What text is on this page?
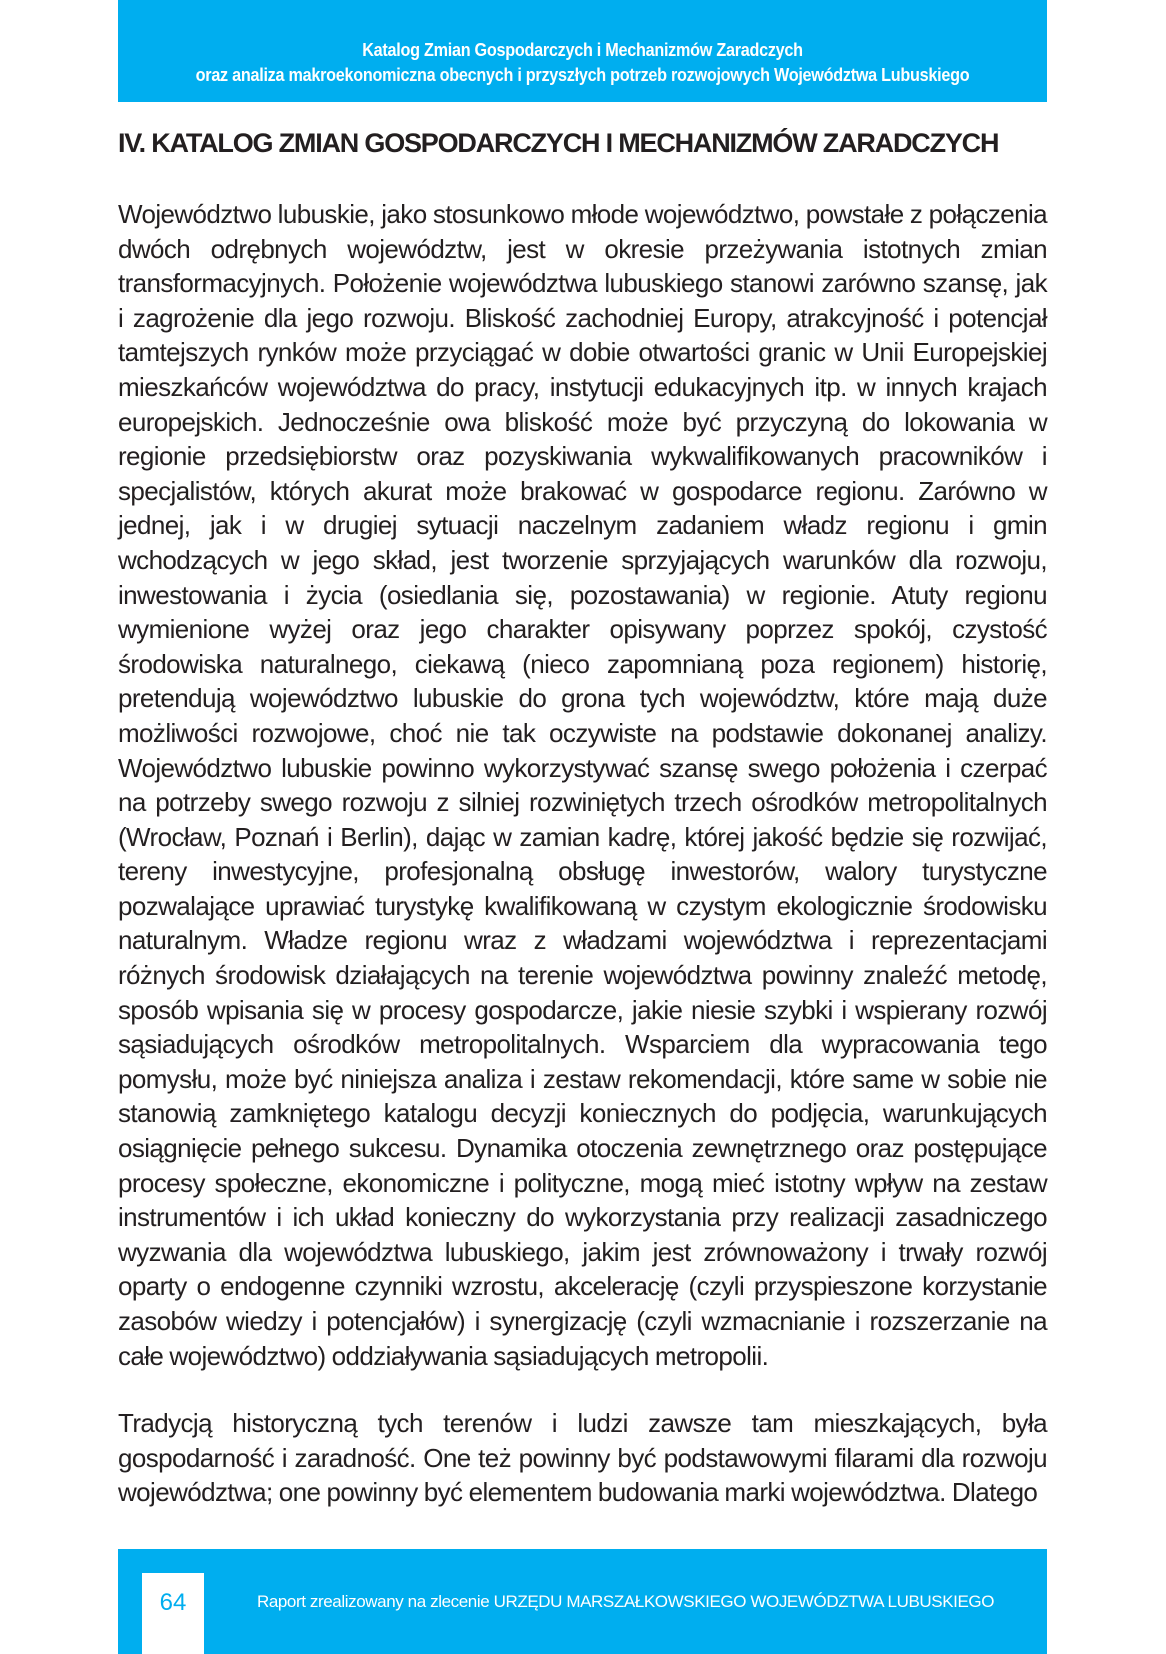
Katalog Zmian Gospodarczych i Mechanizmów Zaradczych
oraz analiza makroekonomiczna obecnych i przyszłych potrzeb rozwojowych Województwa Lubuskiego
IV. KATALOG ZMIAN GOSPODARCZYCH I MECHANIZMÓW ZARADCZYCH

Województwo lubuskie, jako stosunkowo młode województwo, powstałe z połączenia dwóch odrębnych województw, jest w okresie przeżywania istotnych zmian transformacyjnych. Położenie województwa lubuskiego stanowi zarówno szansę, jak i zagrożenie dla jego rozwoju. Bliskość zachodniej Europy, atrakcyjność i potencjał tamtejszych rynków może przyciągać w dobie otwartości granic w Unii Europejskiej mieszkańców województwa do pracy, instytucji edukacyjnych itp. w innych krajach europejskich. Jednocześnie owa bliskość może być przyczyną do lokowania w regionie przedsiębiorstw oraz pozyskiwania wykwalifikowanych pracowników i specjalistów, których akurat może brakować w gospodarce regionu. Zarówno w jednej, jak i w drugiej sytuacji naczelnym zadaniem władz regionu i gmin wchodzących w jego skład, jest tworzenie sprzyjających warunków dla rozwoju, inwestowania i życia (osiedlania się, pozostawania) w regionie. Atuty regionu wymienione wyżej oraz jego charakter opisywany poprzez spokój, czystość środowiska naturalnego, ciekawą (nieco zapomnianą poza regionem) historię, pretendują województwo lubuskie do grona tych województw, które mają duże możliwości rozwojowe, choć nie tak oczywiste na podstawie dokonanej analizy. Województwo lubuskie powinno wykorzystywać szansę swego położenia i czerpać na potrzeby swego rozwoju z silniej rozwiniętych trzech ośrodków metropolitalnych (Wrocław, Poznań i Berlin), dając w zamian kadrę, której jakość będzie się rozwijać, tereny inwestycyjne, profesjonalną obsługę inwestorów, walory turystyczne pozwalające uprawiać turystykę kwalifikowaną w czystym ekologicznie środowisku naturalnym. Władze regionu wraz z władzami województwa i reprezentacjami różnych środowisk działających na terenie województwa powinny znaleźć metodę, sposób wpisania się w procesy gospodarcze, jakie niesie szybki i wspierany rozwój sąsiadujących ośrodków metropolitalnych. Wsparciem dla wypracowania tego pomysłu, może być niniejsza analiza i zestaw rekomendacji, które same w sobie nie stanowią zamkniętego katalogu decyzji koniecznych do podjęcia, warunkujących osiągnięcie pełnego sukcesu. Dynamika otoczenia zewnętrznego oraz postępujące procesy społeczne, ekonomiczne i polityczne, mogą mieć istotny wpływ na zestaw instrumentów i ich układ konieczny do wykorzystania przy realizacji zasadniczego wyzwania dla województwa lubuskiego, jakim jest zrównoważony i trwały rozwój oparty o endogenne czynniki wzrostu, akcelerację (czyli przyspieszone korzystanie zasobów wiedzy i potencjałów) i synergizację (czyli wzmacnianie i rozszerzanie na całe województwo) oddziaływania sąsiadujących metropolii.

Tradycją historyczną tych terenów i ludzi zawsze tam mieszkających, była gospodarność i zaradność. One też powinny być podstawowymi filarami dla rozwoju województwa; one powinny być elementem budowania marki województwa. Dlatego

64	Raport zrealizowany na zlecenie URZĘDU MARSZAŁKOWSKIEGO WOJEWÓDZTWA LUBUSKIEGO
